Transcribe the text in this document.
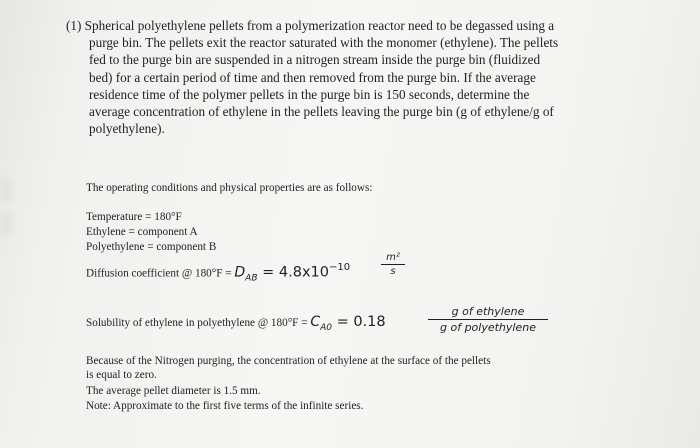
(1) Spherical polyethylene pellets from a polymerization reactor need to be degassed using a
purge bin. The pellets exit the reactor saturated with the monomer (ethylene). The pellets
fed to the purge bin are suspended in a nitrogen stream inside the purge bin (fluidized
bed) for a certain period of time and then removed from the purge bin. If the average
residence time of the polymer pellets in the purge bin is 150 seconds, determine the
average concentration of ethylene in the pellets leaving the purge bin (g of ethylene/g of
polyethylene).
The operating conditions and physical properties are as follows:
Temperature = 180°F
Ethylene = component A
Polyethylene = component B
Diffusion coefficient @ $180^\circ F = D_{AB} = 4.8x10^{-10}$
m²
s
Solubility of ethylene in polyethylene @ $180^\circ F = C_{A0} = 0.18$
g of ethylene
g of polyethylene
Because of the Nitrogen purging, the concentration of ethylene at the surface of the pellets
is equal to zero.
The average pellet diameter is 1.5 mm.
Note: Approximate to the first five terms of the infinite series.
